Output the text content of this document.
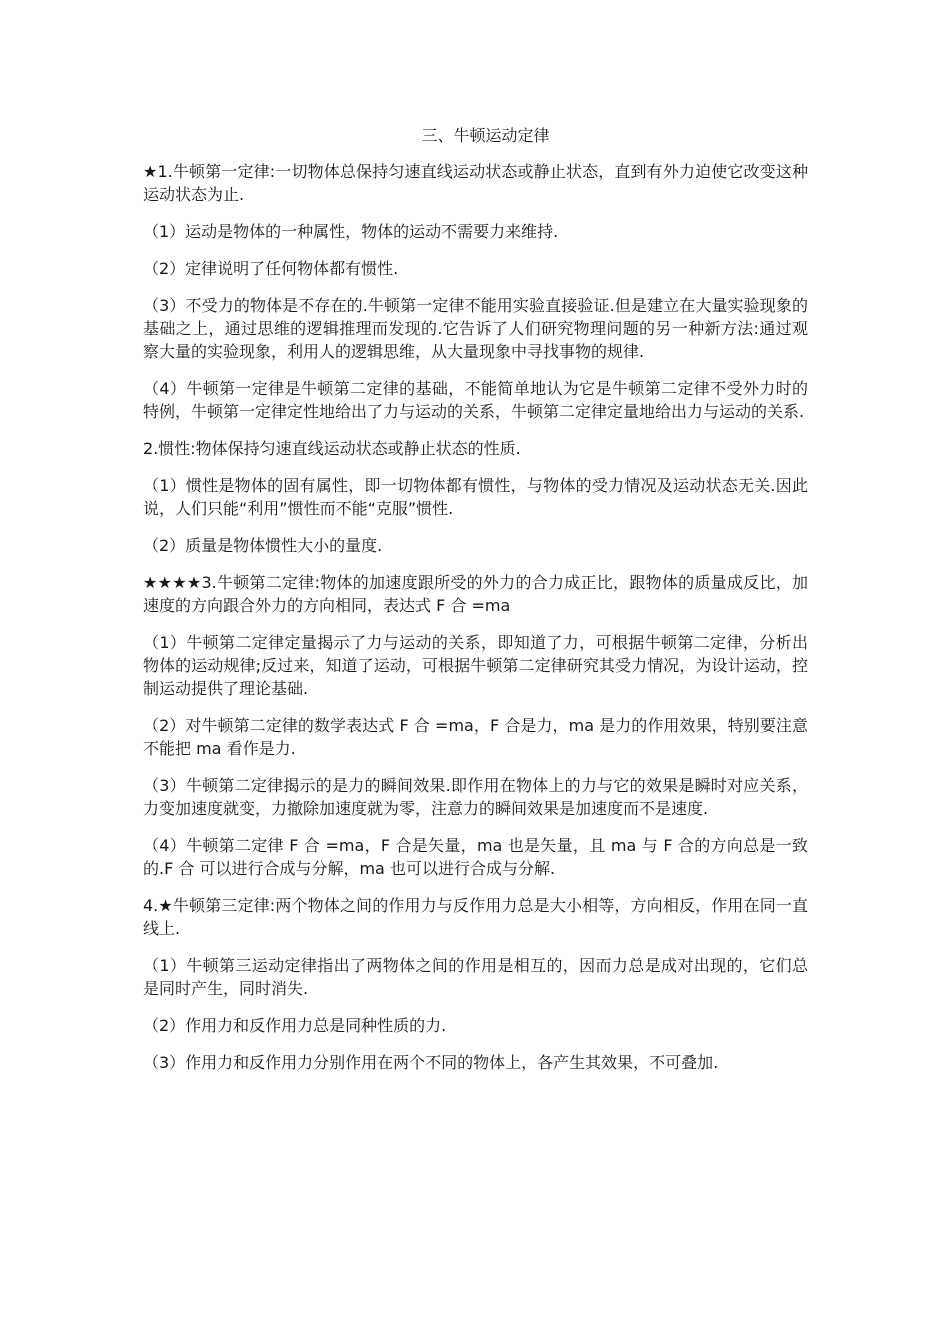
三、牛顿运动定律
★1.牛顿第一定律:一切物体总保持匀速直线运动状态或静止状态，直到有外力迫使它改变这种运动状态为止.
（1）运动是物体的一种属性，物体的运动不需要力来维持.
（2）定律说明了任何物体都有惯性.
（3）不受力的物体是不存在的.牛顿第一定律不能用实验直接验证.但是建立在大量实验现象的基础之上，通过思维的逻辑推理而发现的.它告诉了人们研究物理问题的另一种新方法:通过观察大量的实验现象，利用人的逻辑思维，从大量现象中寻找事物的规律.
（4）牛顿第一定律是牛顿第二定律的基础，不能简单地认为它是牛顿第二定律不受外力时的特例，牛顿第一定律定性地给出了力与运动的关系，牛顿第二定律定量地给出力与运动的关系.
2.惯性:物体保持匀速直线运动状态或静止状态的性质.
（1）惯性是物体的固有属性，即一切物体都有惯性，与物体的受力情况及运动状态无关.因此说，人们只能“利用”惯性而不能“克服”惯性.
（2）质量是物体惯性大小的量度.
★★★★3.牛顿第二定律:物体的加速度跟所受的外力的合力成正比，跟物体的质量成反比，加速度的方向跟合外力的方向相同，表达式 F 合 =ma
（1）牛顿第二定律定量揭示了力与运动的关系，即知道了力，可根据牛顿第二定律，分析出物体的运动规律;反过来，知道了运动，可根据牛顿第二定律研究其受力情况，为设计运动，控制运动提供了理论基础.
（2）对牛顿第二定律的数学表达式 F 合 =ma，F 合是力，ma 是力的作用效果，特别要注意不能把 ma 看作是力.
（3）牛顿第二定律揭示的是力的瞬间效果.即作用在物体上的力与它的效果是瞬时对应关系，力变加速度就变，力撤除加速度就为零，注意力的瞬间效果是加速度而不是速度.
（4）牛顿第二定律 F 合 =ma，F 合是矢量，ma 也是矢量，且 ma 与 F 合的方向总是一致的.F 合 可以进行合成与分解，ma 也可以进行合成与分解.
4.★牛顿第三定律:两个物体之间的作用力与反作用力总是大小相等，方向相反，作用在同一直线上.
（1）牛顿第三运动定律指出了两物体之间的作用是相互的，因而力总是成对出现的，它们总是同时产生，同时消失.
（2）作用力和反作用力总是同种性质的力.
（3）作用力和反作用力分别作用在两个不同的物体上，各产生其效果，不可叠加.
